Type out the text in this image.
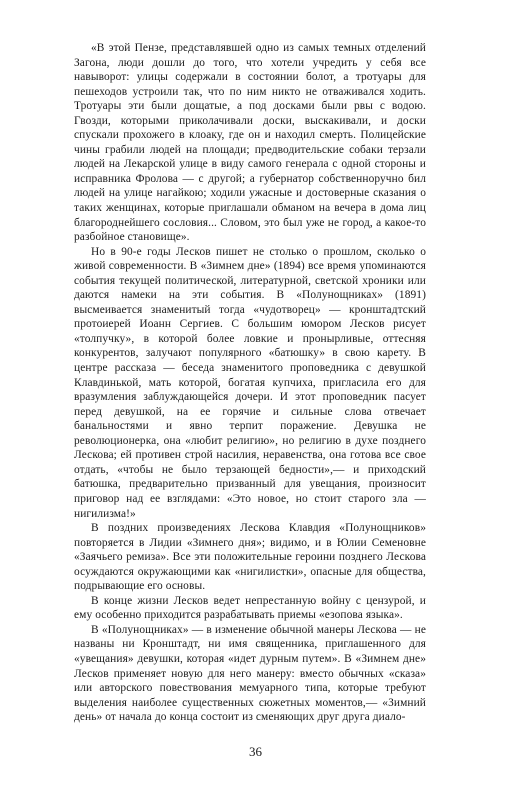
«В этой Пензе, представлявшей одно из самых темных отделений Загона, люди дошли до того, что хотели учредить у себя все навыворот: улицы содержали в состоянии болот, а тротуары для пешеходов устроили так, что по ним никто не отваживался ходить. Тротуары эти были дощатые, а под досками были рвы с водою. Гвозди, которыми приколачивали доски, выскакивали, и доски спускали прохожего в клоаку, где он и находил смерть. Полицейские чины грабили людей на площади; предводительские собаки терзали людей на Лекарской улице в виду самого генерала с одной стороны и исправника Фролова — с другой; а губернатор собственноручно бил людей на улице нагайкою; ходили ужасные и достоверные сказания о таких женщинах, которые приглашали обманом на вечера в дома лиц благороднейшего сословия... Словом, это был уже не город, а какое-то разбойное становище».

Но в 90-е годы Лесков пишет не столько о прошлом, сколько о живой современности. В «Зимнем дне» (1894) все время упоминаются события текущей политической, литературной, светской хроники или даются намеки на эти события. В «Полунощниках» (1891) высмеивается знаменитый тогда «чудотворец» — кронштадтский протоиерей Иоанн Сергиев. С большим юмором Лесков рисует «толпучку», в которой более ловкие и пронырливые, оттесняя конкурентов, залучают популярного «батюшку» в свою карету. В центре рассказа — беседа знаменитого проповедника с девушкой Клавдинькой, мать которой, богатая купчиха, пригласила его для вразумления заблуждающейся дочери. И этот проповедник пасует перед девушкой, на ее горячие и сильные слова отвечает банальностями и явно терпит поражение. Девушка не революционерка, она «любит религию», но религию в духе позднего Лескова; ей противен строй насилия, неравенства, она готова все свое отдать, «чтобы не было терзающей бедности»,— и приходский батюшка, предварительно призванный для увещания, произносит приговор над ее взглядами: «Это новое, но стоит старого зла — нигилизма!»

В поздних произведениях Лескова Клавдия «Полунощников» повторяется в Лидии «Зимнего дня»; видимо, и в Юлии Семеновне «Заячьего ремиза». Все эти положительные героини позднего Лескова осуждаются окружающими как «нигилистки», опасные для общества, подрывающие его основы.

В конце жизни Лесков ведет непрестанную войну с цензурой, и ему особенно приходится разрабатывать приемы «езопова языка».

В «Полунощниках» — в изменение обычной манеры Лескова — не названы ни Кронштадт, ни имя священника, приглашенного для «увещания» девушки, которая «идет дурным путем». В «Зимнем дне» Лесков применяет новую для него манеру: вместо обычных «сказа» или авторского повествования мемуарного типа, которые требуют выделения наиболее существенных сюжетных моментов,— «Зимний день» от начала до конца состоит из сменяющих друг друга диало-

36
